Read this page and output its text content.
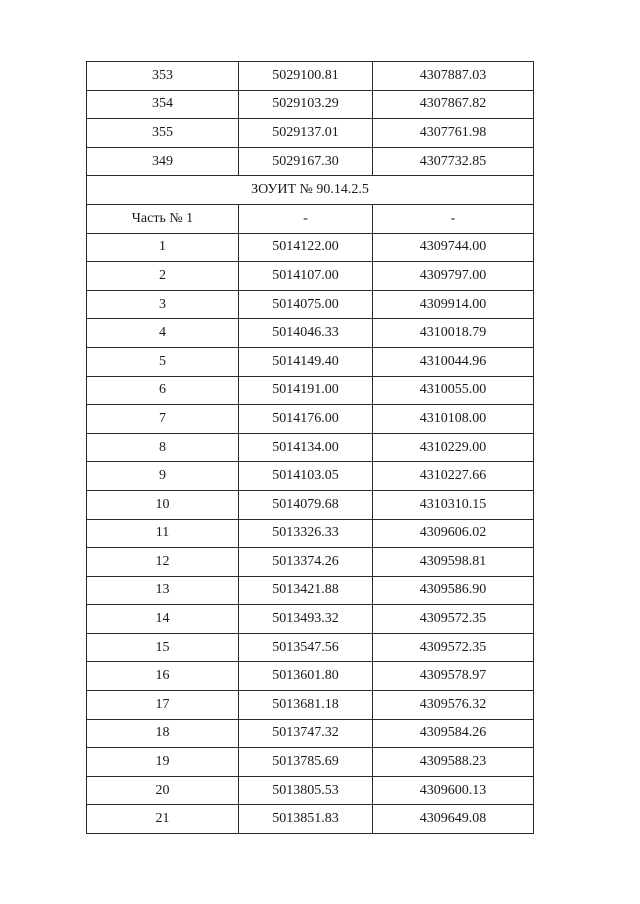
353	5029100.81	4307887.03
354	5029103.29	4307867.82
355	5029137.01	4307761.98
349	5029167.30	4307732.85
ЗОУИТ № 90.14.2.5		
Часть № 1	-	-
1	5014122.00	4309744.00
2	5014107.00	4309797.00
3	5014075.00	4309914.00
4	5014046.33	4310018.79
5	5014149.40	4310044.96
6	5014191.00	4310055.00
7	5014176.00	4310108.00
8	5014134.00	4310229.00
9	5014103.05	4310227.66
10	5014079.68	4310310.15
11	5013326.33	4309606.02
12	5013374.26	4309598.81
13	5013421.88	4309586.90
14	5013493.32	4309572.35
15	5013547.56	4309572.35
16	5013601.80	4309578.97
17	5013681.18	4309576.32
18	5013747.32	4309584.26
19	5013785.69	4309588.23
20	5013805.53	4309600.13
21	5013851.83	4309649.08
